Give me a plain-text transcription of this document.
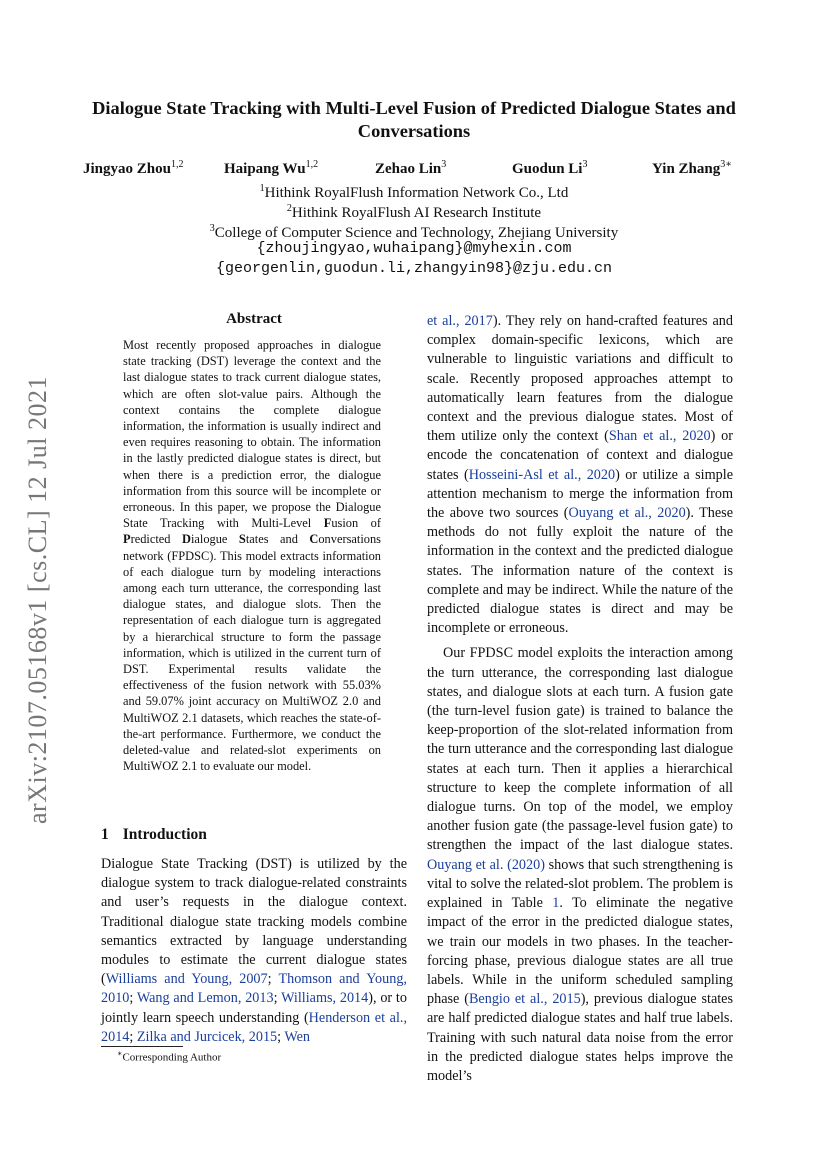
arXiv:2107.05168v1 [cs.CL] 12 Jul 2021
Dialogue State Tracking with Multi-Level Fusion of Predicted Dialogue States and Conversations
Jingyao Zhou$^{1,2}$	Haipang Wu$^{1,2}$	Zehao Lin$^3$	Guodun Li$^3$	Yin Zhang$^{3∗}$
$^1$Hithink RoyalFlush Information Network Co., Ltd
$^2$Hithink RoyalFlush AI Research Institute
$^3$College of Computer Science and Technology, Zhejiang University
{zhoujingyao,wuhaipang}@myhexin.com
{georgenlin,guodun.li,zhangyin98}@zju.edu.cn
Abstract
Most recently proposed approaches in dialogue state tracking (DST) leverage the context and the last dialogue states to track current dialogue states, which are often slot-value pairs. Although the context contains the complete dialogue information, the information is usually indirect and even requires reasoning to obtain. The information in the lastly predicted dialogue states is direct, but when there is a prediction error, the dialogue information from this source will be incomplete or erroneous. In this paper, we propose the Dialogue State Tracking with Multi-Level Fusion of Predicted Dialogue States and Conversations network (FPDSC). This model extracts information of each dialogue turn by modeling interactions among each turn utterance, the corresponding last dialogue states, and dialogue slots. Then the representation of each dialogue turn is aggregated by a hierarchical structure to form the passage information, which is utilized in the current turn of DST. Experimental results validate the effectiveness of the fusion network with 55.03% and 59.07% joint accuracy on MultiWOZ 2.0 and MultiWOZ 2.1 datasets, which reaches the state-of-the-art performance. Furthermore, we conduct the deleted-value and related-slot experiments on MultiWOZ 2.1 to evaluate our model.
1 Introduction

Dialogue State Tracking (DST) is utilized by the dialogue system to track dialogue-related constraints and user’s requests in the dialogue context. Traditional dialogue state tracking models combine semantics extracted by language understanding modules to estimate the current dialogue states (Williams and Young, 2007; Thomson and Young, 2010; Wang and Lemon, 2013; Williams, 2014), or to jointly learn speech understanding (Henderson et al., 2014; Zilka and Jurcicek, 2015; Wen

∗Corresponding Author

et al., 2017). They rely on hand-crafted features and complex domain-specific lexicons, which are vulnerable to linguistic variations and difficult to scale. Recently proposed approaches attempt to automatically learn features from the dialogue context and the previous dialogue states. Most of them utilize only the context (Shan et al., 2020) or encode the concatenation of context and dialogue states (Hosseini-Asl et al., 2020) or utilize a simple attention mechanism to merge the information from the above two sources (Ouyang et al., 2020). These methods do not fully exploit the nature of the information in the context and the predicted dialogue states. The information nature of the context is complete and may be indirect. While the nature of the predicted dialogue states is direct and may be incomplete or erroneous.

Our FPDSC model exploits the interaction among the turn utterance, the corresponding last dialogue states, and dialogue slots at each turn. A fusion gate (the turn-level fusion gate) is trained to balance the keep-proportion of the slot-related information from the turn utterance and the corresponding last dialogue states at each turn. Then it applies a hierarchical structure to keep the complete information of all dialogue turns. On top of the model, we employ another fusion gate (the passage-level fusion gate) to strengthen the impact of the last dialogue states. Ouyang et al. (2020) shows that such strengthening is vital to solve the related-slot problem. The problem is explained in Table 1. To eliminate the negative impact of the error in the predicted dialogue states, we train our models in two phases. In the teacher-forcing phase, previous dialogue states are all true labels. While in the uniform scheduled sampling phase (Bengio et al., 2015), previous dialogue states are half predicted dialogue states and half true labels. Training with such natural data noise from the error in the predicted dialogue states helps improve the model’s
